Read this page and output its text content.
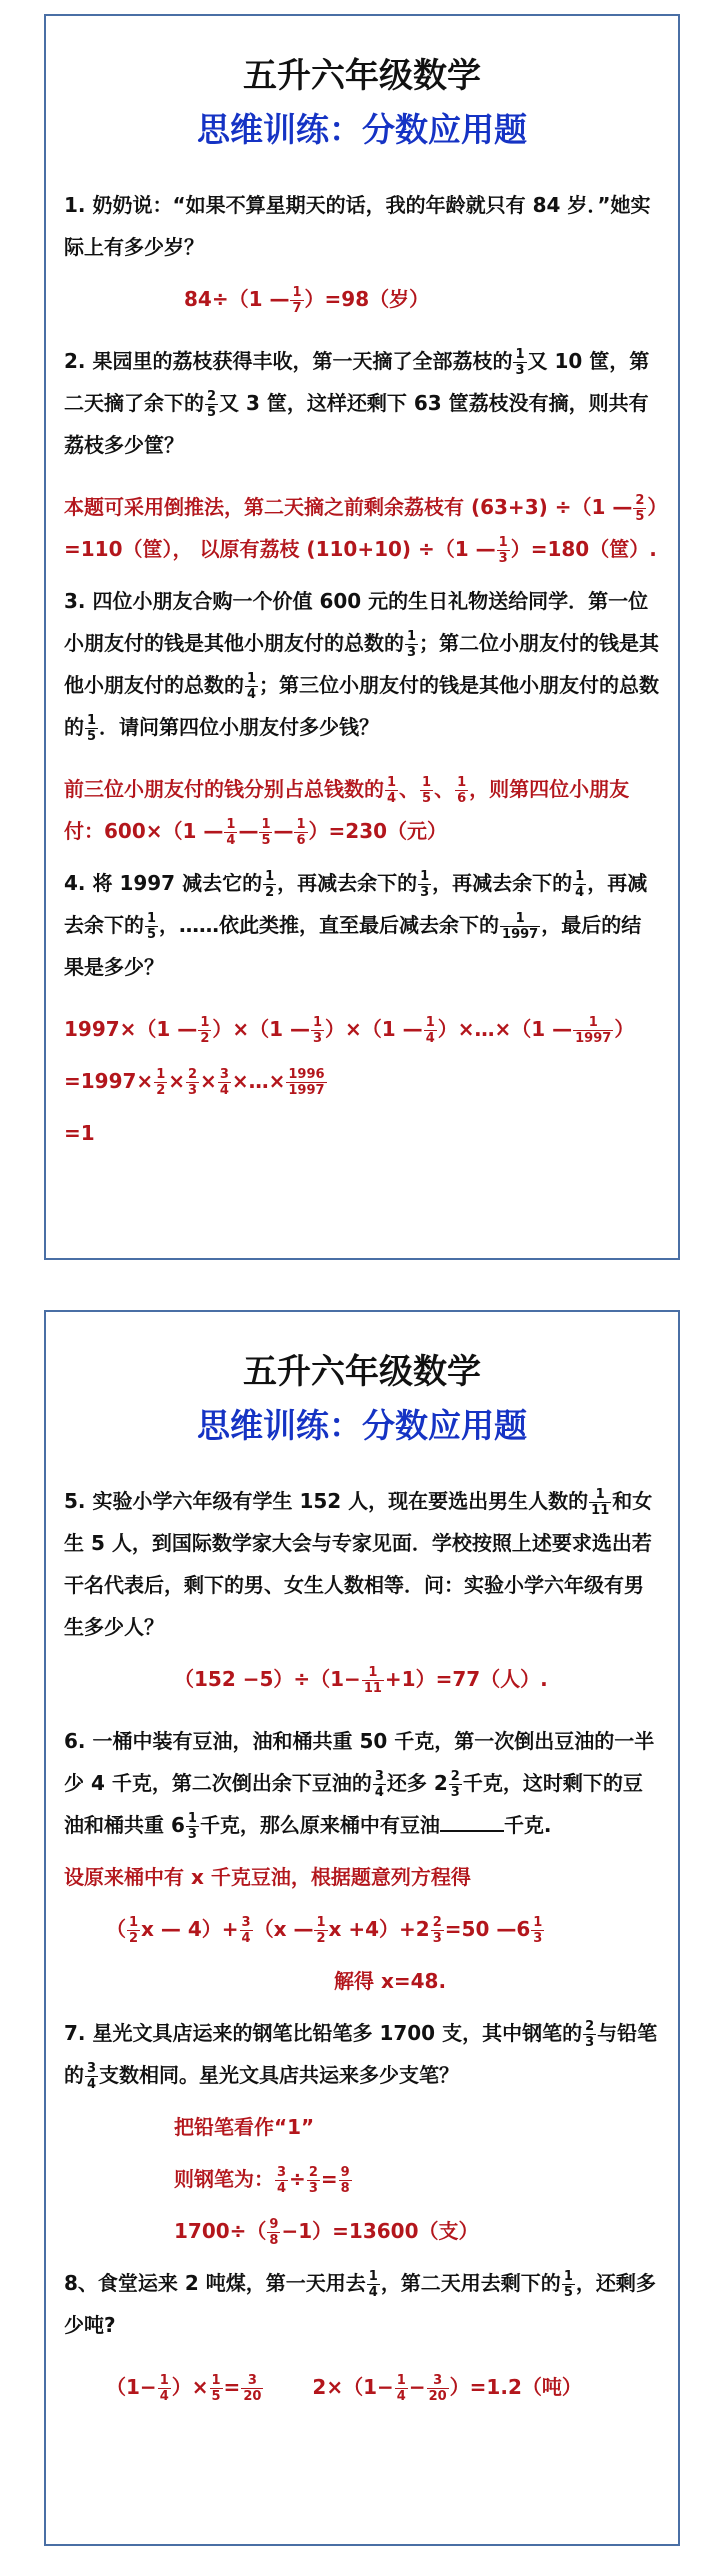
五升六年级数学
思维训练：分数应用题
1. 奶奶说：“如果不算星期天的话，我的年龄就只有 84 岁．”她实际上有多少岁？
84÷（1 — $\frac{1}{7} )=98$（岁）
2. 果园里的荔枝获得丰收，第一天摘了全部荔枝的 $\frac{1}{3}$ 又 10 筐，第二天摘了余下的 $\frac{2}{5}$ 又 3 筐，这样还剩下 63 筐荔枝没有摘，则共有荔枝多少筐？
本题可采用倒推法，第二天摘之前剩余荔枝有 (63+3) ÷（1 — $\frac{2}{5} )=110$（筐）， 以原有荔枝 (110+10) ÷（1 — $\frac{1}{3} )=180$（筐）.
3. 四位小朋友合购一个价值 600 元的生日礼物送给同学．第一位小朋友付的钱是其他小朋友付的总数的 $\frac{1}{3}$ ；第二位小朋友付的钱是其他小朋友付的总数的 $\frac{1}{4}$ ；第三位小朋友付的钱是其他小朋友付的总数的 $\frac{1}{5}$ ．请问第四位小朋友付多少钱？
前三位小朋友付的钱分别占总钱数的 $\frac{1}{4}$ 、 $\frac{1}{5}$ 、 $\frac{1}{6}$ ，则第四位小朋友付：600×（1 — $\frac{1}{4}$ — $\frac{1}{5}$ — $\frac{1}{6} )=230$（元）
4. 将 1997 减去它的 $\frac{1}{2}$ ，再减去余下的 $\frac{1}{3}$ ，再减去余下的 $\frac{1}{4}$ ，再减去余下的 $\frac{1}{5}$ ，……依此类推，直至最后减去余下的 $\frac{1}{1997}$ ，最后的结果是多少？
1997×（1 — $\frac{1}{2} )\times(1$ — $\frac{1}{3} )\times(1$ — $\frac{1}{4}$ ）×…×（1 — $\frac{1}{1997}$ ）
$=1997\times \frac{1}{2} \times \frac{2}{3} \times \frac{3}{4}$ ×…× $\frac{1996}{1997}$
=1
五升六年级数学
思维训练：分数应用题
5. 实验小学六年级有学生 152 人，现在要选出男生人数的 $\frac{1}{11}$ 和女生 5 人，到国际数学家大会与专家见面．学校按照上述要求选出若干名代表后，剩下的男、女生人数相等．问：实验小学六年级有男生多少人？
$(152 -5)\div(1- \frac{1}{11} +1)=77$（人）.
6. 一桶中装有豆油，油和桶共重 50 千克，第一次倒出豆油的一半少 4 千克，第二次倒出余下豆油的 $\frac{3}{4}$ 还多 $2 \frac{2}{3}$ 千克，这时剩下的豆油和桶共重 $6 \frac{1}{3}$ 千克，那么原来桶中有豆油	千克.
设原来桶中有 x 千克豆油，根据题意列方程得
（ $\frac{1}{2}$ x — $4)+ \frac{3}{4} (x$ — $\frac{1}{2}$ $x +4)+2 \frac{2}{3} =50$ —6 $\frac{1}{3}$
解得 x=48.
7. 星光文具店运来的钢笔比铅笔多 1700 支，其中钢笔的 $\frac{2}{3}$ 与铅笔的 $\frac{3}{4}$ 支数相同。星光文具店共运来多少支笔？
把铅笔看作“1”
则钢笔为： $\frac{3}{4} \div \frac{2}{3} = \frac{9}{8}$
$1700\div( \frac{9}{8} -1)=13600$（支）
8、食堂运来 2 吨煤，第一天用去 $\frac{1}{4}$ ，第二天用去剩下的 $\frac{1}{5}$ ，还剩多少吨?
（$1- \frac{1}{4}$ ）× $\frac{1}{5} = \frac{3}{20} 2\times(1- \frac{1}{4} - \frac{3}{20} )=1.2$（吨）
